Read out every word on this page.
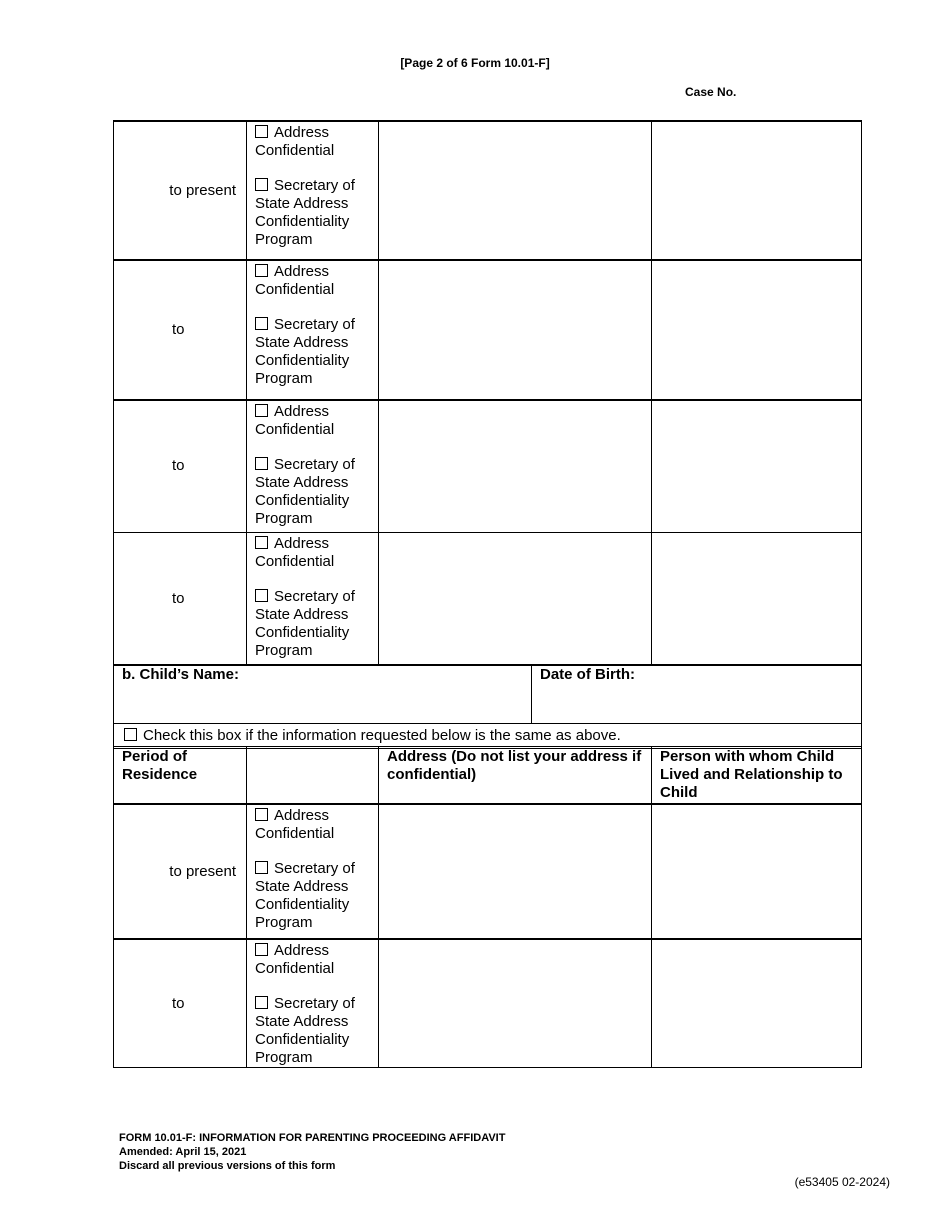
[Page 2 of 6 Form 10.01-F]
Case No.
to present	Address Confidential
Secretary of State Address Confidentiality Program		

to	Address Confidential
Secretary of State Address Confidentiality Program		

to	Address Confidential
Secretary of State Address Confidentiality Program		

to	Address Confidential
Secretary of State Address Confidentiality Program		

b. Child’s Name:	Date of Birth:
Check this box if the information requested below is the same as above.
Period of Residence		Address (Do not list your address if confidential)	Person with whom Child Lived and Relationship to Child
to present	Address Confidential
Secretary of State Address Confidentiality Program		

to	Address Confidential
Secretary of State Address Confidentiality Program		

FORM 10.01-F: INFORMATION FOR PARENTING PROCEEDING AFFIDAVIT
Amended: April 15, 2021
Discard all previous versions of this form
(e53405 02-2024)
